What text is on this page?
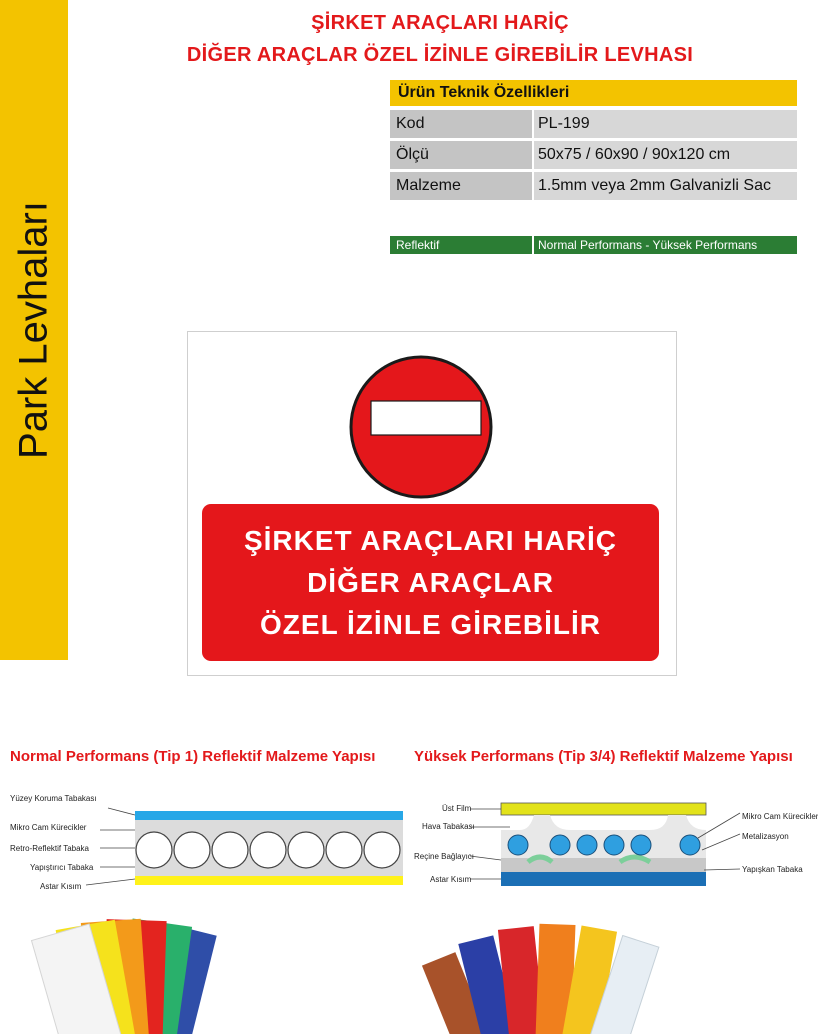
Park Levhaları
ŞİRKET ARAÇLARI HARİÇ
DİĞER ARAÇLAR ÖZEL İZİNLE GİREBİLİR LEVHASI
Ürün Teknik Özellikleri
Kod	PL-199
Ölçü	50x75 / 60x90 / 90x120 cm
Malzeme	1.5mm veya 2mm Galvanizli Sac
Reflektif	Normal Performans - Yüksek Performans
ŞİRKET ARAÇLARI HARİÇ
DİĞER ARAÇLAR
ÖZEL İZİNLE GİREBİLİR
Normal Performans (Tip 1) Reflektif Malzeme Yapısı	Yüksek Performans (Tip 3/4) Reflektif Malzeme Yapısı
Yüzey Koruma Tabakası
Mikro Cam Kürecikler
Retro-Reflektif Tabaka
Yapıştırıcı Tabaka
Astar Kısım
Üst Film
Hava Tabakası
Reçine Bağlayıcı
Astar Kısım
Mikro Cam Kürecikler
Metalizasyon
Yapışkan Tabaka
